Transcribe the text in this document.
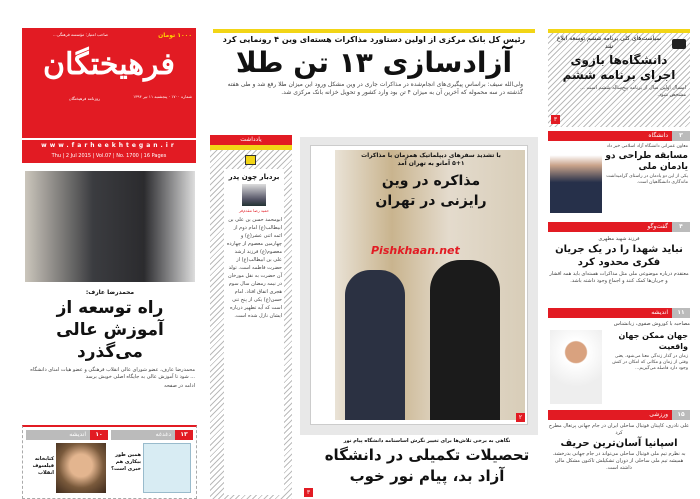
صاحب امتیاز: مؤسسه فرهنگی...	۱۰۰۰ تومان
فرهیختگان
روزنامه فرهیختگان	شماره ۱۷۰۰ · پنجشنبه ۱۱ تیر ۱۳۹۴
www.farheekhtegan.ir
Thu | 2 Jul 2015 | Vol.07 | No. 1700 | 16 Pages
محمدرضا عارف:
راه توسعه از آموزش عالی می‌گذرد
محمدرضا عارف، عضو شورای عالی انقلاب فرهنگی و عضو هیات امنای دانشگاه ... شود تا آموزش عالی به جایگاه اصلی خویش برسد
ادامه در صفحه
۱۳
دغدغه
همین طور بیکاری هم خبری است؟
۱۰
اندیشه
کتابخانه فیلسوف انقلاب
رئیس کل بانک مرکزی از اولین دستاورد مذاکرات هسته‌ای وین ۴ رونمایی کرد
آزادسازی ۱۳ تن طلا
ولی‌الله سیف: براساس پیگیری‌های انجام‌شده در مذاکرات جاری در وین مشکل ورود این میزان طلا رفع شد و طی هفته گذشته در سه محموله که آخرین آن به میزان ۴ تن بود وارد کشور و تحویل خزانه بانک مرکزی شد.
یادداشت
بردبار چون پدر
حمید رضا مقدم‌فر
ابومحمد حسن بن علی بن ابیطالب(ع) امام دوم از ائمه اثنی عشر(ع) و چهارمین معصوم از چهارده معصوم(ع) فرزند ارشد علی بن ابیطالب(ع) از حضرت فاطمه است. تولد آن حضرت به نقل مورخان در نیمه رمضان سال سوم هجری اتفاق افتاد. امام حسن(ع) یکی از پنج تنی است که آیه تطهیر درباره ایشان نازل شده است.
با تشدید سفرهای دیپلماتیک همزمان با مذاکرات ۱+۵ آمانو به تهران آمد
مذاکره در وین رایزنی در تهران
Pishkhaan.net
۲
نگاهی به برخی تلاش‌ها برای تغییر نگرش اساسنامه دانشگاه پیام نور
تحصیلات تکمیلی در دانشگاه آزاد بد، پیام نور خوب
۳
سیاست‌های کلی برنامه ششم توسعه ابلاغ شد
دانشگاه‌ها بازوی اجرای برنامه ششم
امسال اولین سال از برنامه پنج‌ساله ششم است ... مشخص شود.
۳
۳
دانشگاه
معاون عمرانی دانشگاه آزاد اسلامی خبر داد
مسابقه طراحی دو یادمان ملی
یکی از این دو یادمان در راستای گرامیداشت ماندگاری دانشگاهیان است.
۴
گفت‌وگو
فرزند شهید مطهری
نباید شهدا را در یک جریان فکری محدود کرد
معتقدم درباره موضوعی ملی مثل مذاکرات هسته‌ای باید همه اقشار و جریان‌ها کمک کنند و اجماع وجود داشته باشد.
۱۱
اندیشه
مصاحبه با کوروش صفوی، زبانشناس
جهان ممکن جهان واقعیت
زمان در گذار زندگی معنا می‌شود. یعنی وقتی از زمان و مکانی که امکان در کنش وجود دارد فاصله می‌گیریم...
۱۵
ورزشی
علی نادری، کاپیتان فوتبال ساحلی ایران در جام جهانی پرتغال مطرح کرد
اسپانیا آسان‌ترین حریف
به نظرم تیم ملی فوتبال ساحلی می‌تواند در جام جهانی بدرخشد. همیشه تیم ملی ساحلی از دوران تشکیلش تاکنون مشکل مالی داشته است.
